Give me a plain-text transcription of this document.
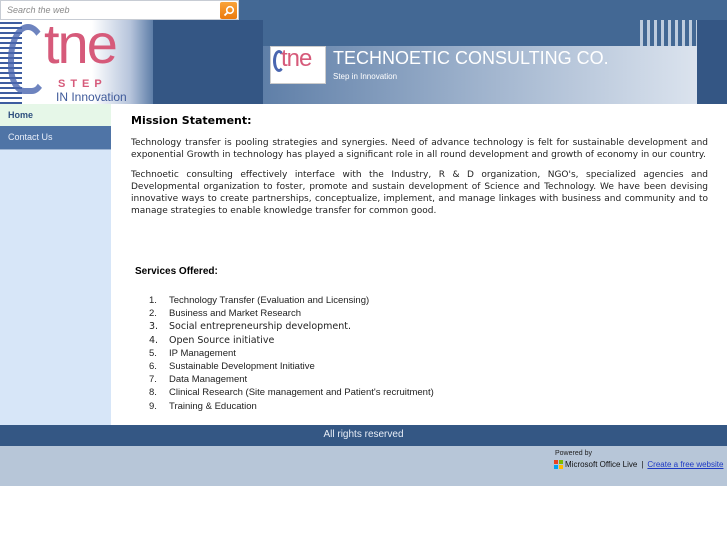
Search the web
tne
STEP
IN Innovation
tne TECHNOETIC CONSULTING CO.
Step in Innovation
Home
Contact Us
Mission Statement:

Technology transfer is pooling strategies and synergies. Need of advance technology is felt for sustainable development and exponential Growth in technology has played a significant role in all round development and growth of economy in our country.

Technoetic consulting effectively interface with the Industry, R & D organization, NGO's, specialized agencies and Developmental organization to foster, promote and sustain development of Science and Technology. We have been devising innovative ways to create partnerships, conceptualize, implement, and manage linkages with business and community and to manage strategies to enable knowledge transfer for common good.

Services Offered:
1. Technology Transfer (Evaluation and Licensing)
2. Business and Market Research
3. Social entrepreneurship development.
4. Open Source initiative
5. IP Management
6. Sustainable Development Initiative
7. Data Management
8. Clinical Research (Site management and Patient's recruitment)
9. Training & Education
All rights reserved
Powered by
Microsoft Office Live | Create a free website
